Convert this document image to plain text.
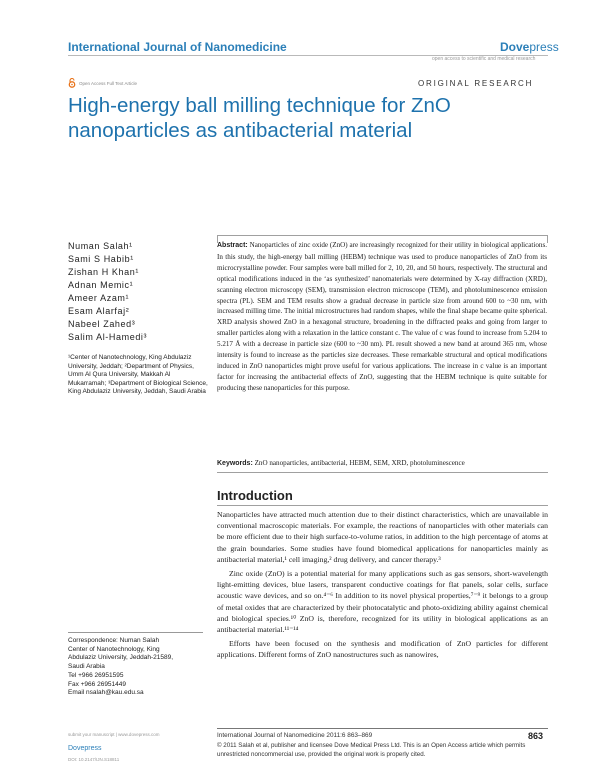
International Journal of Nanomedicine	Dovepress
open access to scientific and medical research
Open Access Full Text Article	ORIGINAL RESEARCH
High-energy ball milling technique for ZnO nanoparticles as antibacterial material
Numan Salah¹
Sami S Habib¹
Zishan H Khan¹
Adnan Memic¹
Ameer Azam¹
Esam Alarfaj²
Nabeel Zahed³
Salim Al-Hamedi³
¹Center of Nanotechnology, King Abdulaziz University, Jeddah; ²Department of Physics, Umm Al Qura University, Makkah Al Mukarramah; ³Department of Biological Science, King Abdulaziz University, Jeddah, Saudi Arabia
Correspondence: Numan Salah
Center of Nanotechnology, King
Abdulaziz University, Jeddah-21589,
Saudi Arabia
Tel +966 26951595
Fax +966 26951449
Email nsalah@kau.edu.sa
Abstract: Nanoparticles of zinc oxide (ZnO) are increasingly recognized for their utility in biological applications. In this study, the high-energy ball milling (HEBM) technique was used to produce nanoparticles of ZnO from its microcrystalline powder. Four samples were ball milled for 2, 10, 20, and 50 hours, respectively. The structural and optical modifications induced in the ‘as synthesized’ nanomaterials were determined by X-ray diffraction (XRD), scanning electron microscopy (SEM), transmission electron microscope (TEM), and photoluminescence emission spectra (PL). SEM and TEM results show a gradual decrease in particle size from around 600 to ~30 nm, with increased milling time. The initial microstructures had random shapes, while the final shape became quite spherical. XRD analysis showed ZnO in a hexagonal structure, broadening in the diffracted peaks and going from larger to smaller particles along with a relaxation in the lattice constant c. The value of c was found to increase from 5.204 to 5.217 Å with a decrease in particle size (600 to ~30 nm). PL result showed a new band at around 365 nm, whose intensity is found to increase as the particles size decreases. These remarkable structural and optical modifications induced in ZnO nanoparticles might prove useful for various applications. The increase in c value is an important factor for increasing the antibacterial effects of ZnO, suggesting that the HEBM technique is quite suitable for producing these nanoparticles for this purpose.
Keywords: ZnO nanoparticles, antibacterial, HEBM, SEM, XRD, photoluminescence
Introduction

Nanoparticles have attracted much attention due to their distinct characteristics, which are unavailable in conventional macroscopic materials. For example, the reactions of nanoparticles with other materials can be more efficient due to their high surface-to-volume ratios, in addition to the high percentage of atoms at the grain boundaries. Some studies have found biomedical applications for nanoparticles mainly as antibacterial material,¹ cell imaging,² drug delivery, and cancer therapy.³

Zinc oxide (ZnO) is a potential material for many applications such as gas sensors, short-wavelength light-emitting devices, blue lasers, transparent conductive coatings for flat panels, solar cells, surface acoustic wave devices, and so on.⁴⁻⁶ In addition to its novel physical properties,⁷⁻⁹ it belongs to a group of metal oxides that are characterized by their photocatalytic and photo-oxidizing ability against chemical and biological species.¹⁰ ZnO is, therefore, recognized for its utility in biological applications as an antibacterial material.¹¹⁻¹⁴

Efforts have been focused on the synthesis and modification of ZnO particles for different applications. Different forms of ZnO nanostructures such as nanowires,

International Journal of Nanomedicine 2011:6 863–869	863
© 2011 Salah et al, publisher and licensee Dove Medical Press Ltd. This is an Open Access article which permits unrestricted noncommercial use, provided the original work is properly cited.
submit your manuscript | www.dovepress.com
Dovepress
DOI: 10.2147/IJN.S18811
